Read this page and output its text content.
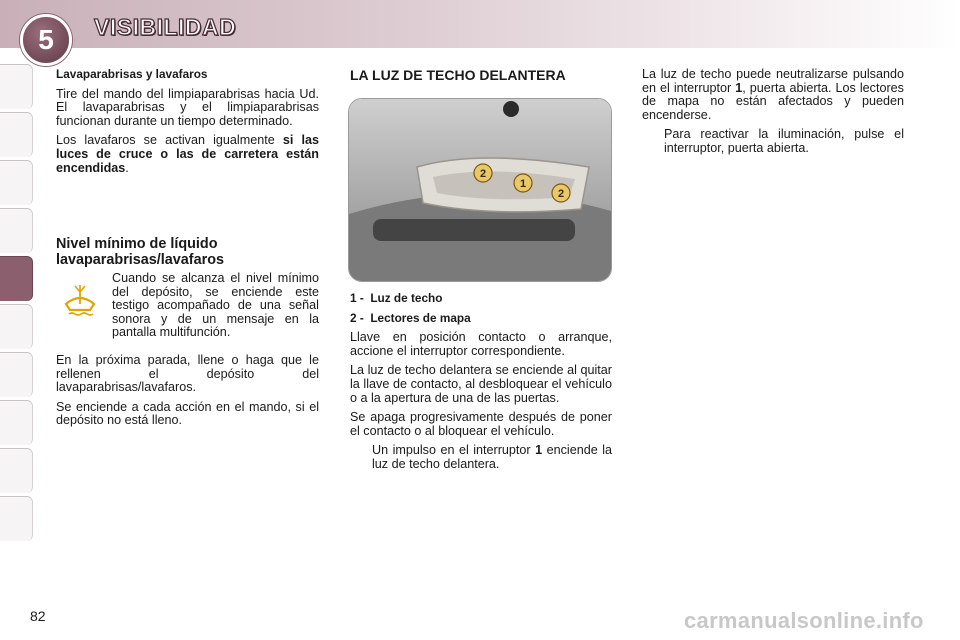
5 VISIBILIDAD
Lavaparabrisas y lavafaros

Tire del mando del limpiaparabrisas hacia Ud. El lavaparabrisas y el limpiaparabrisas funcionan durante un tiempo determinado.

Los lavafaros se activan igualmente si las luces de cruce o las de carretera están encendidas.

Nivel mínimo de líquido
lavaparabrisas/lavafaros

Cuando se alcanza el nivel mínimo del depósito, se enciende este testigo acompañado de una señal sonora y de un mensaje en la pantalla multifunción.

En la próxima parada, llene o haga que le rellenen el depósito del lavaparabrisas/lavafaros.

Se enciende a cada acción en el mando, si el depósito no está lleno.

LA LUZ DE TECHO DELANTERA
2
1
2

1 - Luz de techo

2 - Lectores de mapa

Llave en posición contacto o arranque, accione el interruptor correspondiente.

La luz de techo delantera se enciende al quitar la llave de contacto, al desbloquear el vehículo o a la apertura de una de las puertas.

Se apaga progresivamente después de poner el contacto o al bloquear el vehículo.

Un impulso en el interruptor 1 enciende la luz de techo delantera.

La luz de techo puede neutralizarse pulsando en el interruptor 1, puerta abierta. Los lectores de mapa no están afectados y pueden encenderse.

Para reactivar la iluminación, pulse el interruptor, puerta abierta.
82	carmanualsonline.info
